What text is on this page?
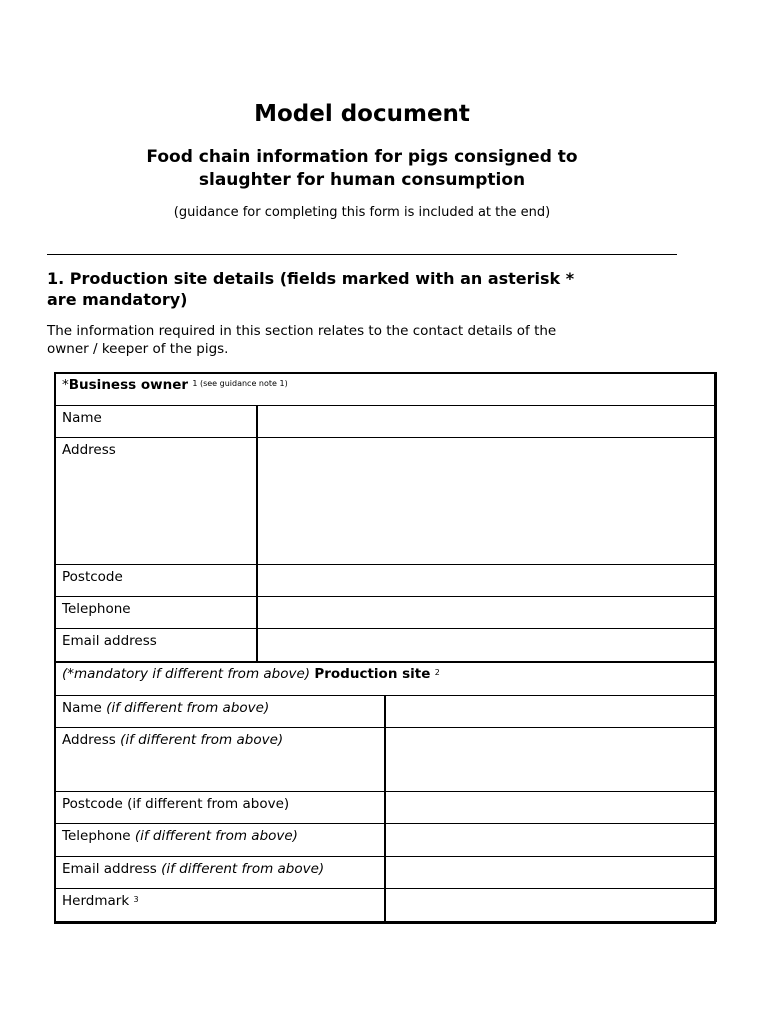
Model document
Food chain information for pigs consigned to
slaughter for human consumption
(guidance for completing this form is included at the end)
1. Production site details (fields marked with an asterisk *
are mandatory)
The information required in this section relates to the contact details of the
owner / keeper of the pigs.
*Business owner $^{1 (see guidance note 1)}$
Name		
Address		
Postcode		
Telephone		
Email address		
(*mandatory if different from above) Production site $^2$
Name (if different from above)		
Address (if different from above)		
Postcode (if different from above)		
Telephone (if different from above)		
Email address (if different from above)		
Herdmark $^3$	
